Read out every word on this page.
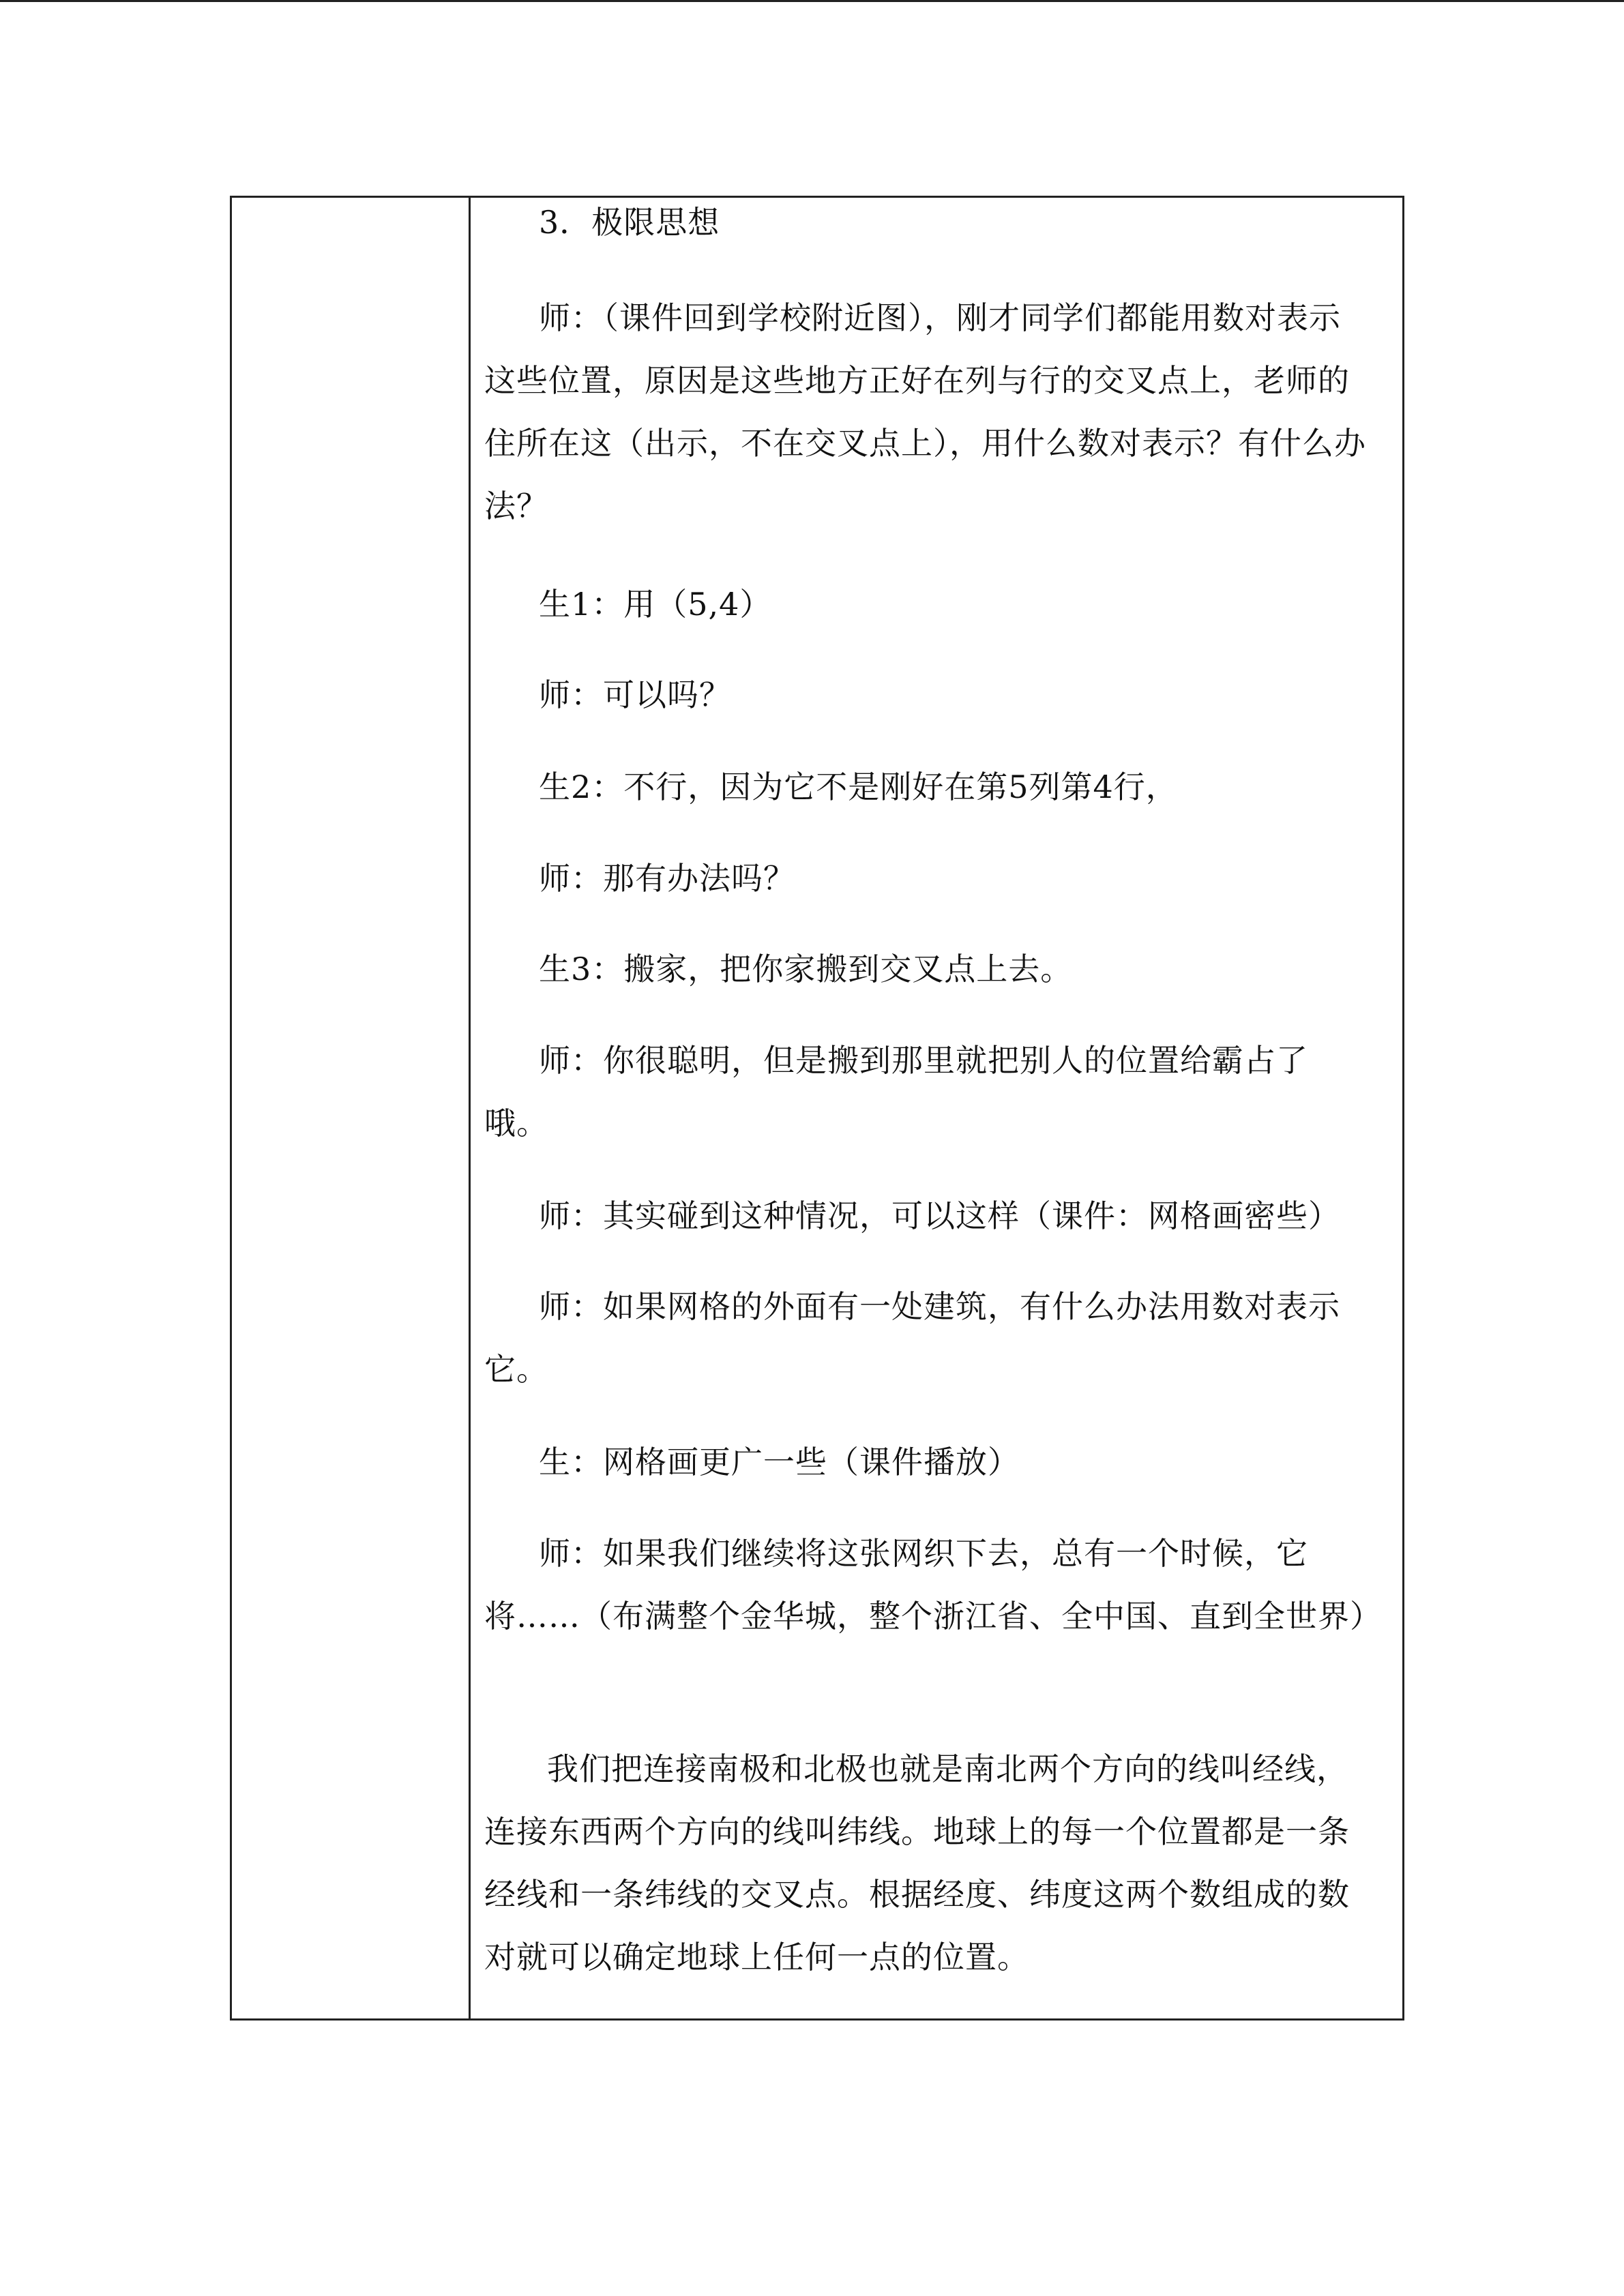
3．极限思想

师：（课件回到学校附近图），刚才同学们都能用数对表示这些位置，原因是这些地方正好在列与行的交叉点上，老师的住所在这（出示，不在交叉点上），用什么数对表示？有什么办法？

生1：用（5,4）

师：可以吗？

生2：不行，因为它不是刚好在第5列第4行，

师：那有办法吗？

生3：搬家，把你家搬到交叉点上去。

师：你很聪明，但是搬到那里就把别人的位置给霸占了哦。

师：其实碰到这种情况，可以这样（课件：网格画密些）

师：如果网格的外面有一处建筑，有什么办法用数对表示它。

生：网格画更广一些（课件播放）

师：如果我们继续将这张网织下去，总有一个时候，它将……（布满整个金华城，整个浙江省、全中国、直到全世界）

我们把连接南极和北极也就是南北两个方向的线叫经线，连接东西两个方向的线叫纬线。地球上的每一个位置都是一条经线和一条纬线的交叉点。根据经度、纬度这两个数组成的数对就可以确定地球上任何一点的位置。
